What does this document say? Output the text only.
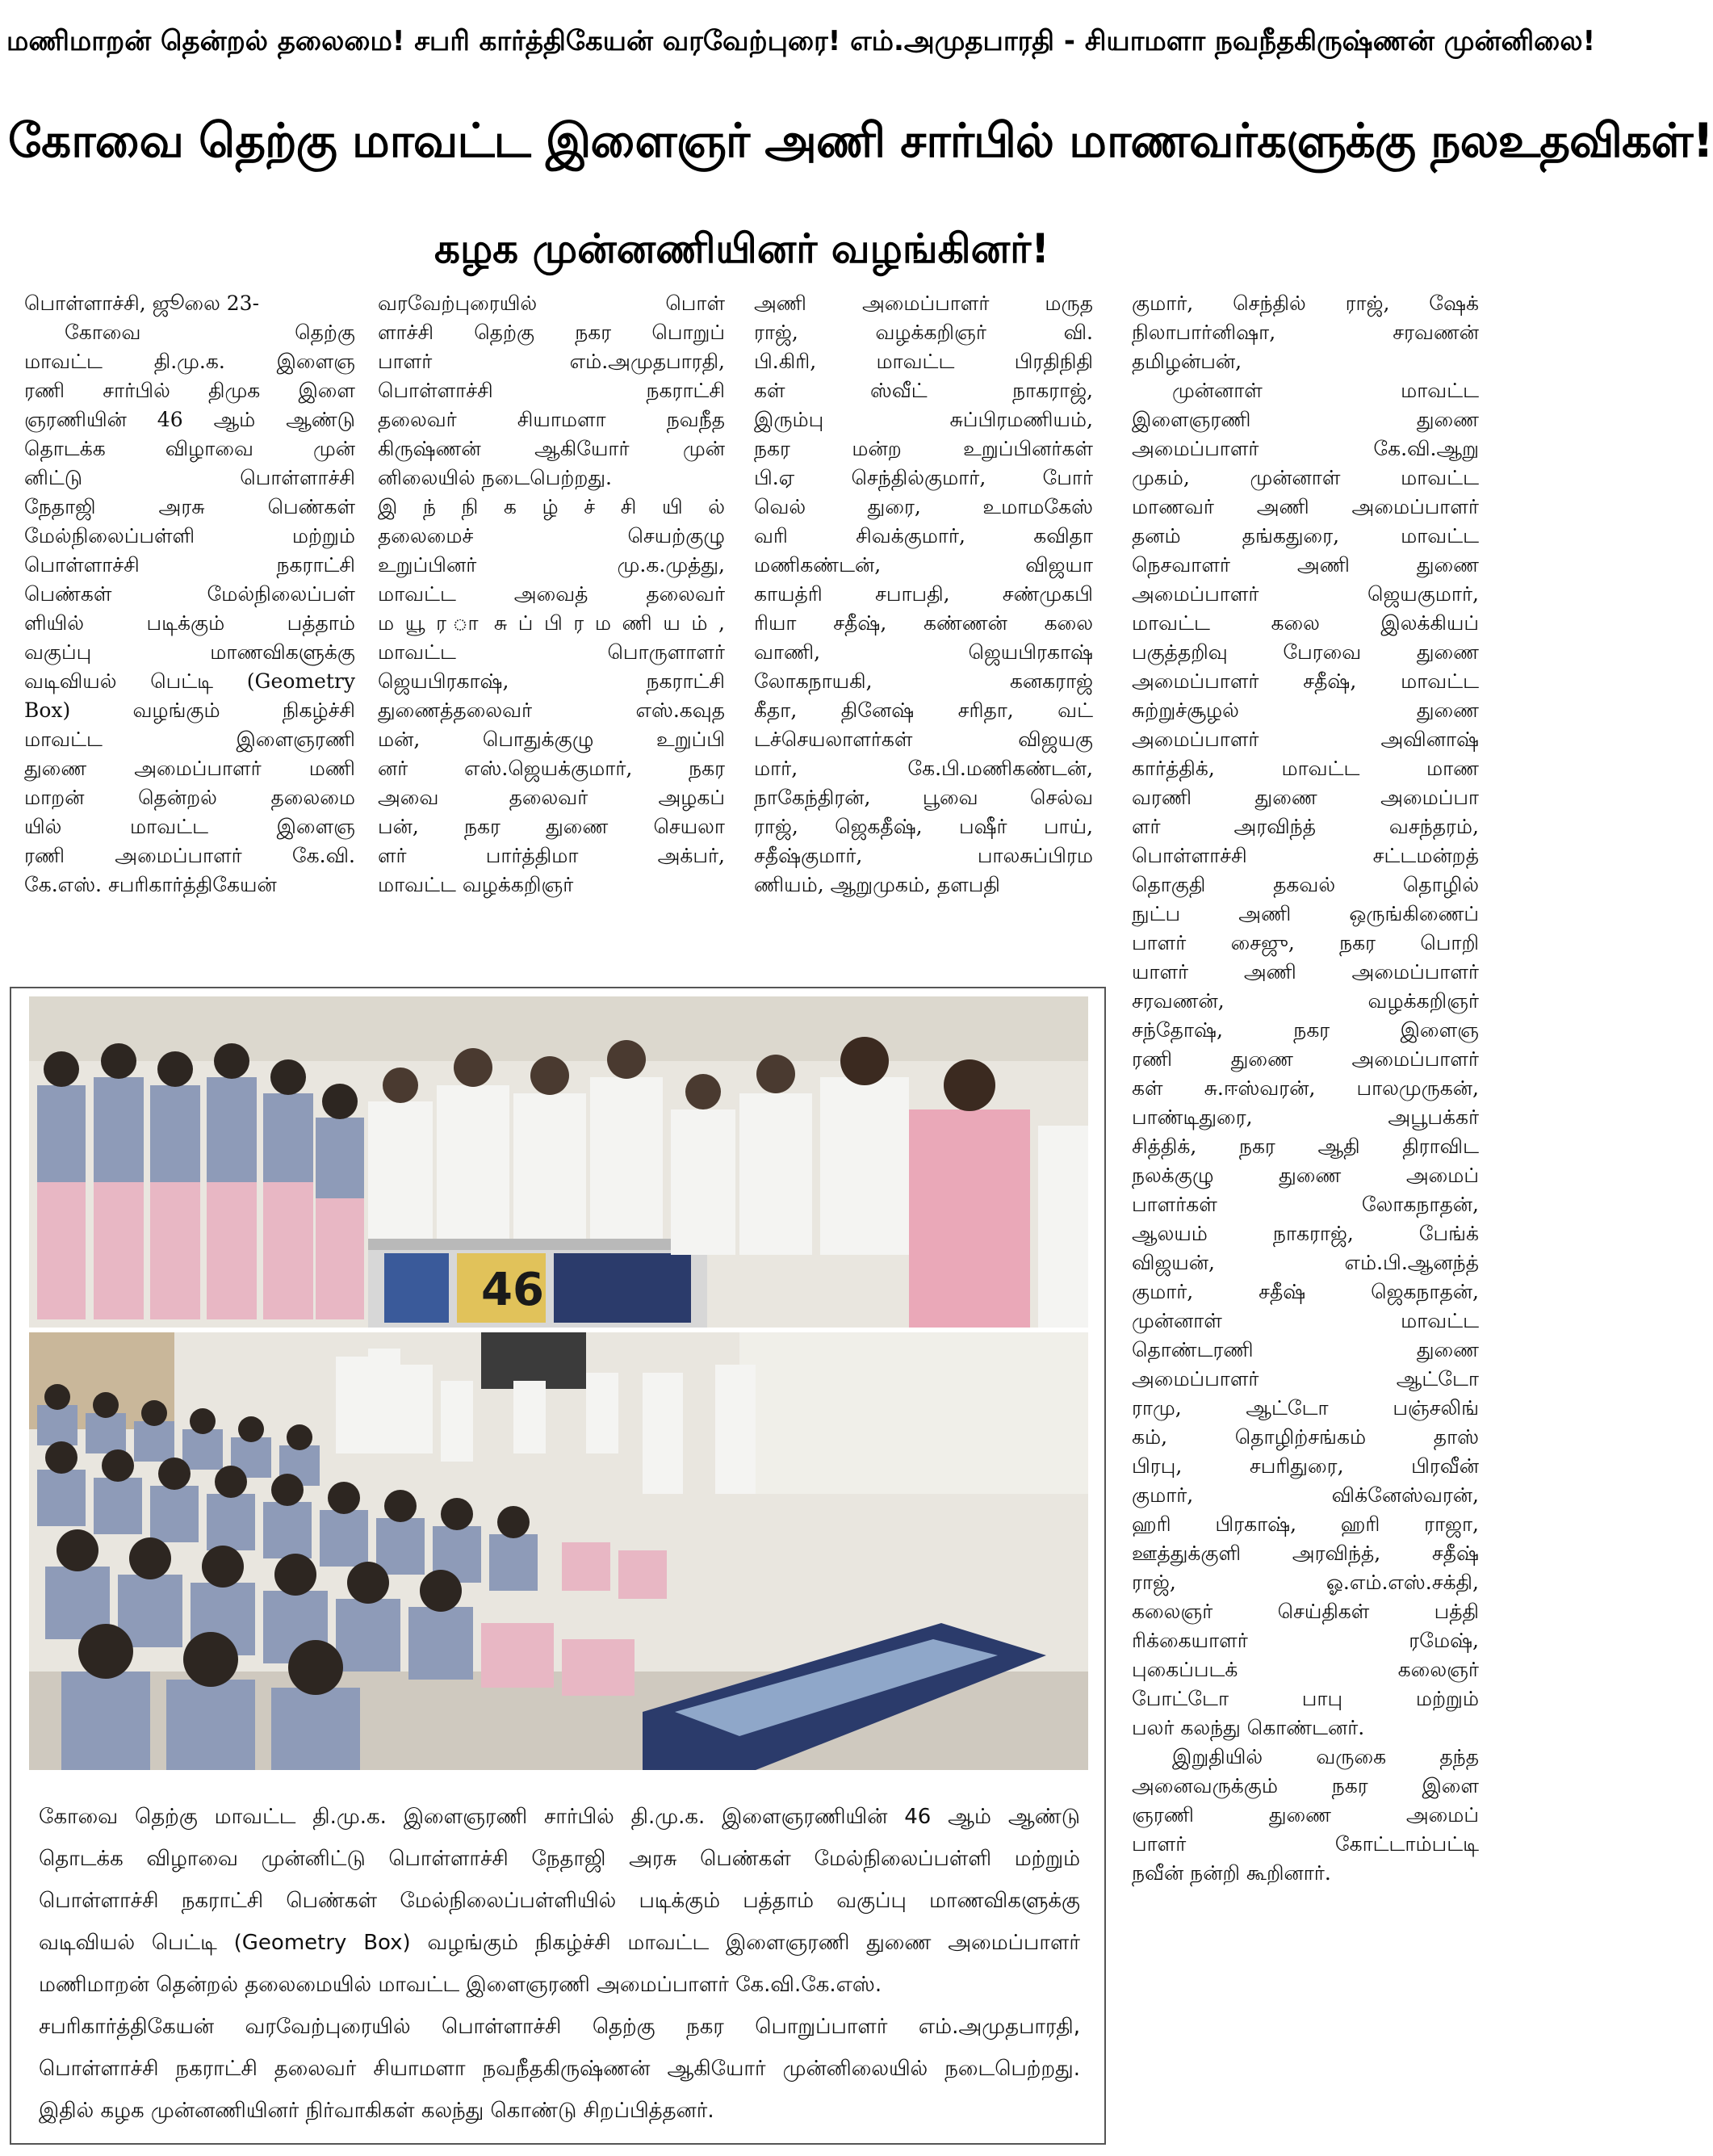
மணிமாறன் தென்றல் தலைமை! சபரி கார்த்திகேயன் வரவேற்புரை! எம்.அமுதபாரதி - சியாமளா நவநீதகிருஷ்ணன் முன்னிலை!
கோவை தெற்கு மாவட்ட இளைஞர் அணி சார்பில் மாணவர்களுக்கு நலஉதவிகள்!
கழக முன்னணியினர் வழங்கினர்!
பொள்ளாச்சி, ஜூலை 23-
கோவை தெற்கு
மாவட்ட தி.மு.க. இளைஞ
ரணி சார்பில் திமுக இளை
ஞரணியின் 46 ஆம் ஆண்டு
தொடக்க விழாவை முன்
னிட்டு பொள்ளாச்சி
நேதாஜி அரசு பெண்கள்
மேல்நிலைப்பள்ளி மற்றும்
பொள்ளாச்சி நகராட்சி
பெண்கள் மேல்நிலைப்பள்
ளியில் படிக்கும் பத்தாம்
வகுப்பு மாணவிகளுக்கு
வடிவியல் பெட்டி (Geometry
Box) வழங்கும் நிகழ்ச்சி
மாவட்ட இளைஞரணி
துணை அமைப்பாளர் மணி
மாறன் தென்றல் தலைமை
யில் மாவட்ட இளைஞ
ரணி அமைப்பாளர் கே.வி.
கே.எஸ். சபரிகார்த்திகேயன்
வரவேற்புரையில் பொள்
ளாச்சி தெற்கு நகர பொறுப்
பாளர் எம்.அமுதபாரதி,
பொள்ளாச்சி நகராட்சி
தலைவர் சியாமளா நவநீத
கிருஷ்ணன் ஆகியோர் முன்
னிலையில் நடைபெற்றது.
இ ந் நி க ழ் ச் சி யி ல்
தலைமைச் செயற்குழு
உறுப்பினர் மு.க.முத்து,
மாவட்ட அவைத் தலைவர்
ம யூ ர ா சு ப் பி ர ம ணி ய ம் ,
மாவட்ட பொருளாளர்
ஜெயபிரகாஷ், நகராட்சி
துணைத்தலைவர் எஸ்.கவுத
மன், பொதுக்குழு உறுப்பி
னர் எஸ்.ஜெயக்குமார், நகர
அவை தலைவர் அழகப்
பன், நகர துணை செயலா
ளர் பார்த்திமா அக்பர்,
மாவட்ட வழக்கறிஞர்
அணி அமைப்பாளர் மருத
ராஜ், வழக்கறிஞர் வி.
பி.கிரி, மாவட்ட பிரதிநிதி
கள் ஸ்வீட் நாகராஜ்,
இரும்பு சுப்பிரமணியம்,
நகர மன்ற உறுப்பினர்கள்
பி.ஏ செந்தில்குமார், போர்
வெல் துரை, உமாமகேஸ்
வரி சிவக்குமார், கவிதா
மணிகண்டன், விஜயா
காயத்ரி சபாபதி, சண்முகபி
ரியா சதீஷ், கண்ணன் கலை
வாணி, ஜெயபிரகாஷ்
லோகநாயகி, கனகராஜ்
கீதா, தினேஷ் சரிதா, வட்
டச்செயலாளர்கள் விஜயகு
மார், கே.பி.மணிகண்டன்,
நாகேந்திரன், பூவை செல்வ
ராஜ், ஜெகதீஷ், பஷீர் பாய்,
சதீஷ்குமார், பாலசுப்பிரம
ணியம், ஆறுமுகம், தளபதி
குமார், செந்தில் ராஜ், ஷேக்
நிலாபார்னிஷா, சரவணன்
தமிழன்பன்,
முன்னாள் மாவட்ட
இளைஞரணி துணை
அமைப்பாளர் கே.வி.ஆறு
முகம், முன்னாள் மாவட்ட
மாணவர் அணி அமைப்பாளர்
தனம் தங்கதுரை, மாவட்ட
நெசவாளர் அணி துணை
அமைப்பாளர் ஜெயகுமார்,
மாவட்ட கலை இலக்கியப்
பகுத்தறிவு பேரவை துணை
அமைப்பாளர் சதீஷ், மாவட்ட
சுற்றுச்சூழல் துணை
அமைப்பாளர் அவினாஷ்
கார்த்திக், மாவட்ட மாண
வரணி துணை அமைப்பா
ளர் அரவிந்த் வசந்தரம்,
பொள்ளாச்சி சட்டமன்றத்
தொகுதி தகவல் தொழில்
நுட்ப அணி ஒருங்கிணைப்
பாளர் சைஜு, நகர பொறி
யாளர் அணி அமைப்பாளர்
சரவணன், வழக்கறிஞர்
சந்தோஷ், நகர இளைஞ
ரணி துணை அமைப்பாளர்
கள் சு.ஈஸ்வரன், பாலமுருகன்,
பாண்டிதுரை, அபூபக்கர்
சித்திக், நகர ஆதி திராவிட
நலக்குழு துணை அமைப்
பாளர்கள் லோகநாதன்,
ஆலயம் நாகராஜ், பேங்க்
விஜயன், எம்.பி.ஆனந்த்
குமார், சதீஷ் ஜெகநாதன்,
முன்னாள் மாவட்ட
தொண்டரணி துணை
அமைப்பாளர் ஆட்டோ
ராமு, ஆட்டோ பஞ்சலிங்
கம், தொழிற்சங்கம் தாஸ்
பிரபு, சபரிதுரை, பிரவீன்
குமார், விக்னேஸ்வரன்,
ஹரி பிரகாஷ், ஹரி ராஜா,
ஊத்துக்குளி அரவிந்த், சதீஷ்
ராஜ், ஓ.எம்.எஸ்.சக்தி,
கலைஞர் செய்திகள் பத்தி
ரிக்கையாளர் ரமேஷ்,
புகைப்படக் கலைஞர்
போட்டோ பாபு மற்றும்
பலர் கலந்து கொண்டனர்.
இறுதியில் வருகை தந்த
அனைவருக்கும் நகர இளை
ஞரணி துணை அமைப்
பாளர் கோட்டாம்பட்டி
நவீன் நன்றி கூறினார்.
46
கோவை தெற்கு மாவட்ட தி.மு.க. இளைஞரணி சார்பில் தி.மு.க. இளைஞரணியின் 46 ஆம் ஆண்டு
தொடக்க விழாவை முன்னிட்டு பொள்ளாச்சி நேதாஜி அரசு பெண்கள் மேல்நிலைப்பள்ளி மற்றும்
பொள்ளாச்சி நகராட்சி பெண்கள் மேல்நிலைப்பள்ளியில் படிக்கும் பத்தாம் வகுப்பு மாணவிகளுக்கு
வடிவியல் பெட்டி (Geometry Box) வழங்கும் நிகழ்ச்சி மாவட்ட இளைஞரணி துணை அமைப்பாளர்
மணிமாறன் தென்றல் தலைமையில் மாவட்ட இளைஞரணி அமைப்பாளர் கே.வி.கே.எஸ்.
சபரிகார்த்திகேயன் வரவேற்புரையில் பொள்ளாச்சி தெற்கு நகர பொறுப்பாளர் எம்.அமுதபாரதி,
பொள்ளாச்சி நகராட்சி தலைவர் சியாமளா நவநீதகிருஷ்ணன் ஆகியோர் முன்னிலையில் நடைபெற்றது.
இதில் கழக முன்னணியினர் நிர்வாகிகள் கலந்து கொண்டு சிறப்பித்தனர்.
